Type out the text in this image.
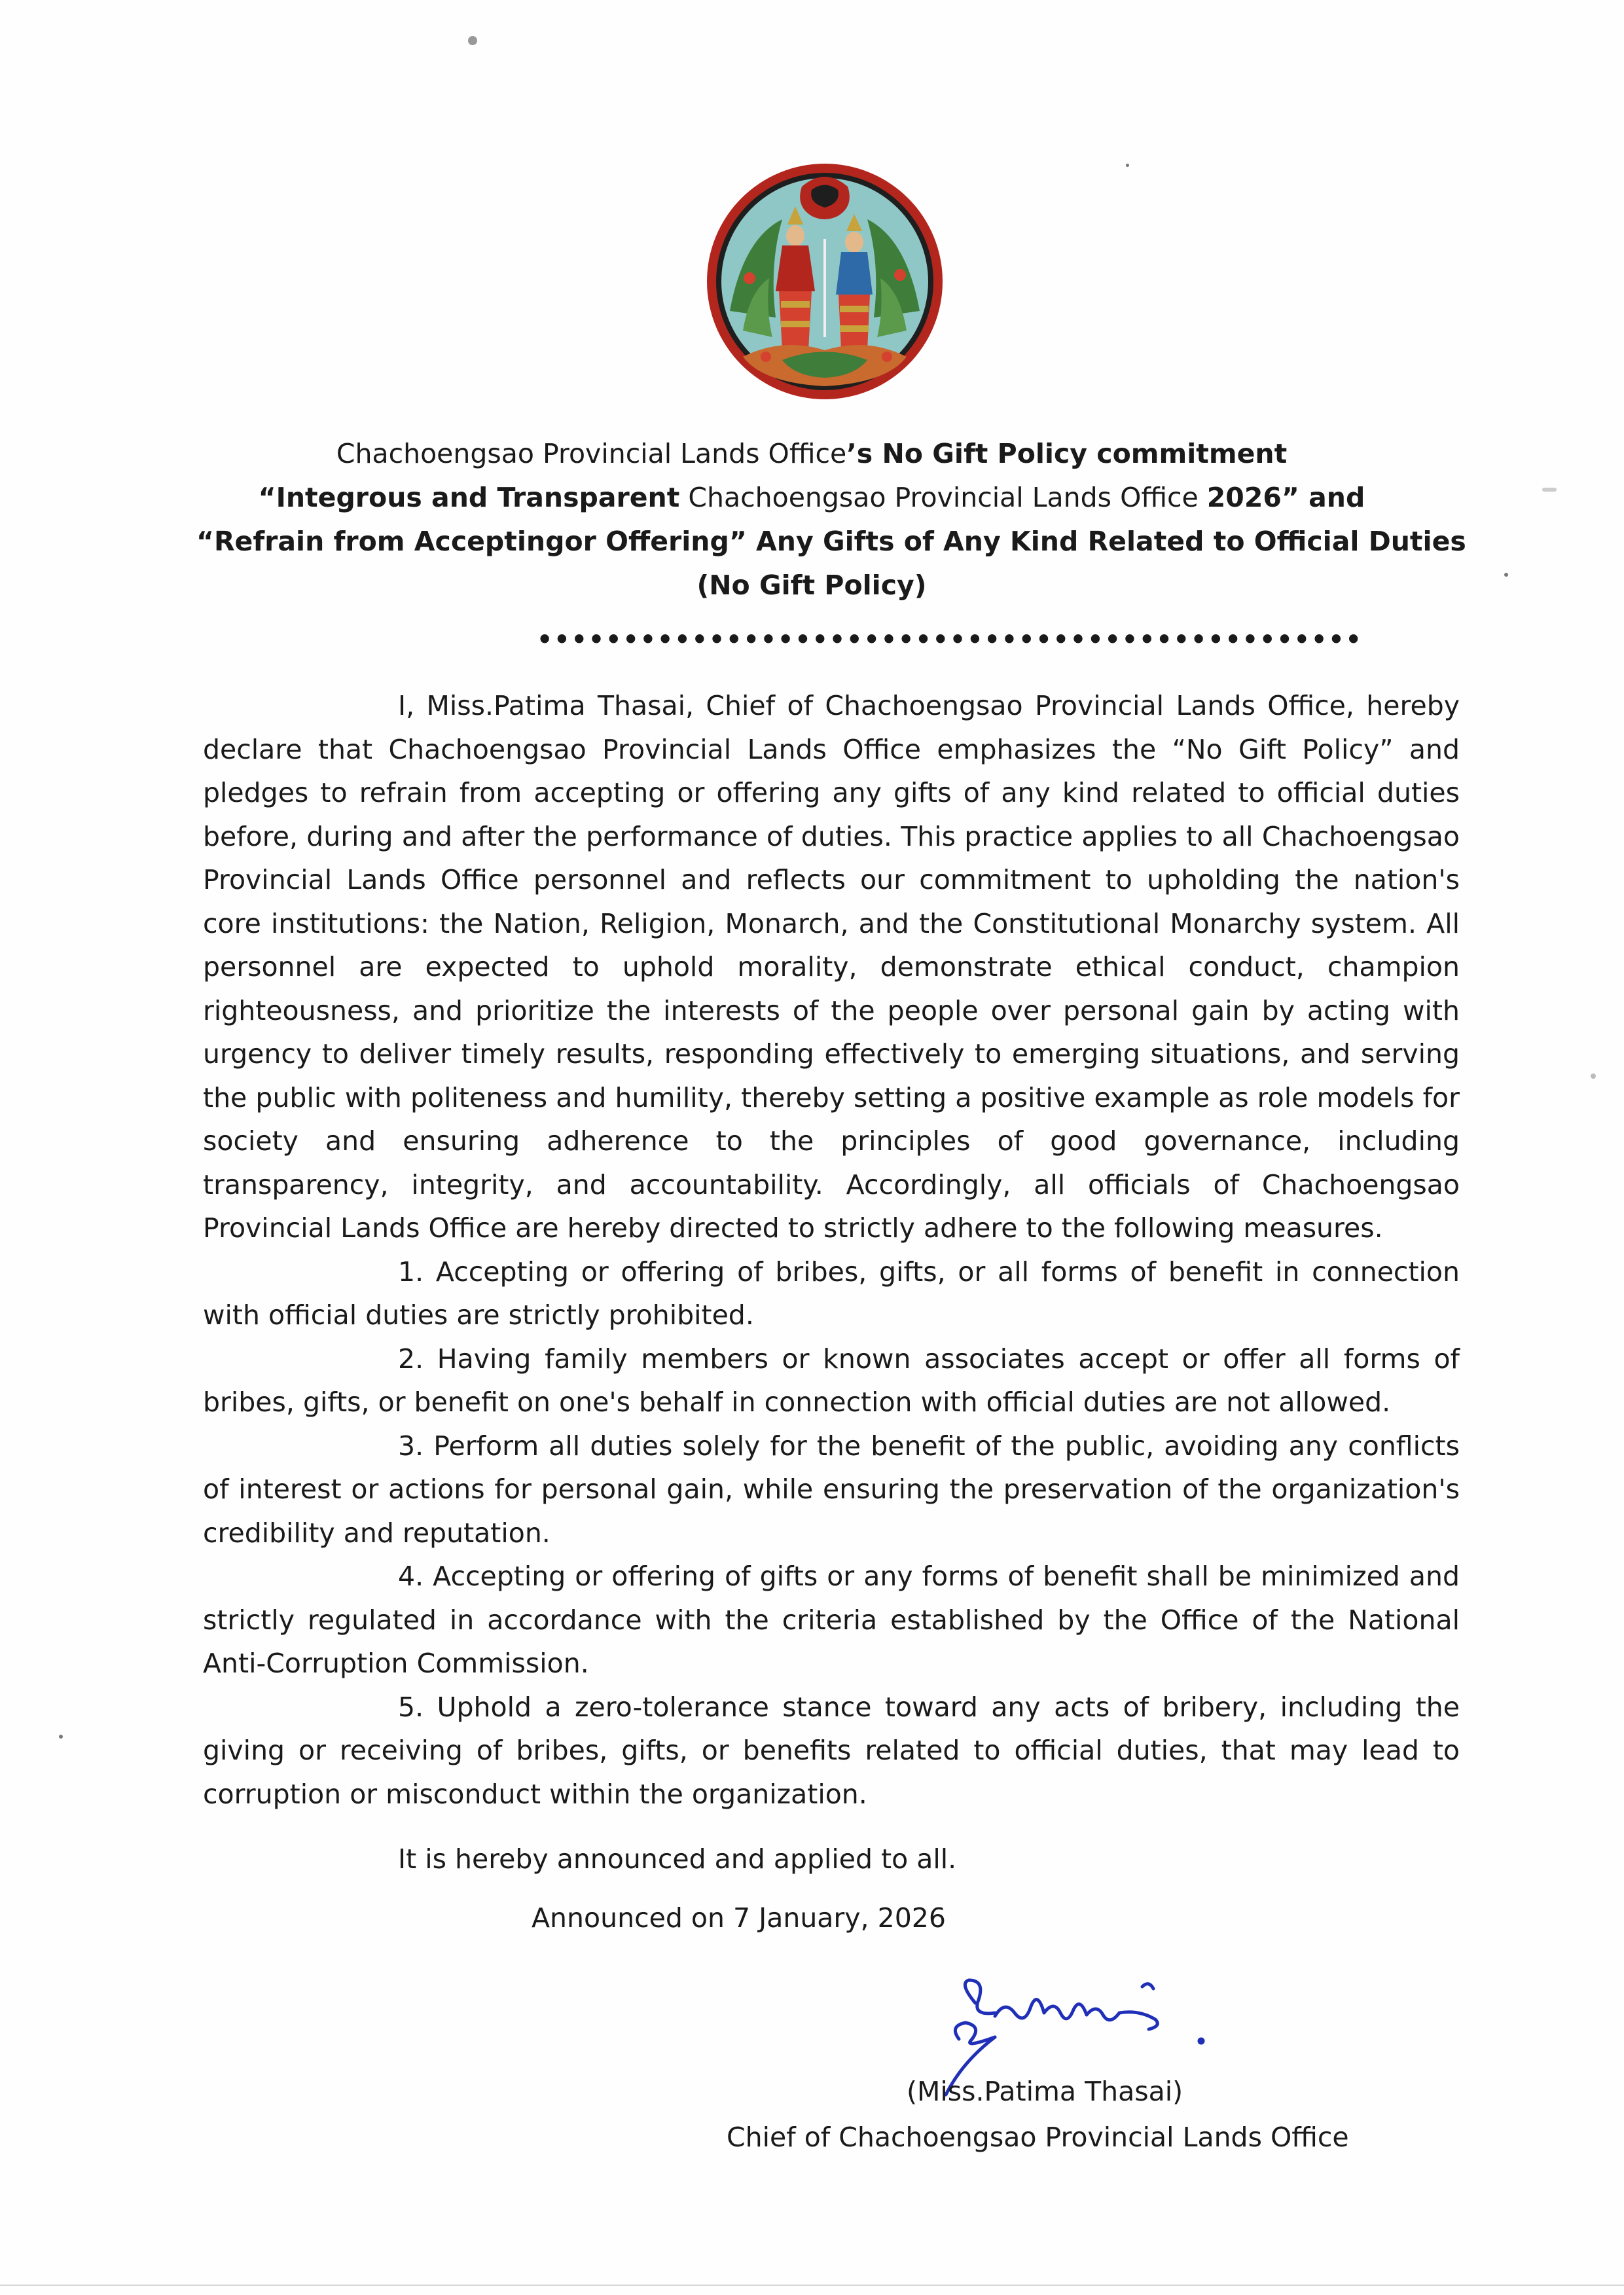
Chachoengsao Provincial Lands Office’s No Gift Policy commitment
“Integrous and Transparent Chachoengsao Provincial Lands Office 2026” and
“Refrain from Acceptingor Offering” Any Gifts of Any Kind Related to Official Duties
(No Gift Policy)
••••••••••••••••••••••••••••••••••••••••••••••••

I, Miss.Patima Thasai, Chief of Chachoengsao Provincial Lands Office, hereby declare that Chachoengsao Provincial Lands Office emphasizes the “No Gift Policy” and pledges to refrain from accepting or offering any gifts of any kind related to official duties before, during and after the performance of duties. This practice applies to all Chachoengsao Provincial Lands Office personnel and reflects our commitment to upholding the nation's core institutions: the Nation, Religion, Monarch, and the Constitutional Monarchy system. All personnel are expected to uphold morality, demonstrate ethical conduct, champion righteousness, and prioritize the interests of the people over personal gain by acting with urgency to deliver timely results, responding effectively to emerging situations, and serving the public with politeness and humility, thereby setting a positive example as role models for society and ensuring adherence to the principles of good governance, including transparency, integrity, and accountability. Accordingly, all officials of Chachoengsao Provincial Lands Office are hereby directed to strictly adhere to the following measures.

1. Accepting or offering of bribes, gifts, or all forms of benefit in connection with official duties are strictly prohibited.

2. Having family members or known associates accept or offer all forms of bribes, gifts, or benefit on one's behalf in connection with official duties are not allowed.

3. Perform all duties solely for the benefit of the public, avoiding any conflicts of interest or actions for personal gain, while ensuring the preservation of the organization's credibility and reputation.

4. Accepting or offering of gifts or any forms of benefit shall be minimized and strictly regulated in accordance with the criteria established by the Office of the National Anti-Corruption Commission.

5. Uphold a zero-tolerance stance toward any acts of bribery, including the giving or receiving of bribes, gifts, or benefits related to official duties, that may lead to corruption or misconduct within the organization.

It is hereby announced and applied to all.
Announced on 7 January, 2026
(Miss.Patima Thasai)
Chief of Chachoengsao Provincial Lands Office
